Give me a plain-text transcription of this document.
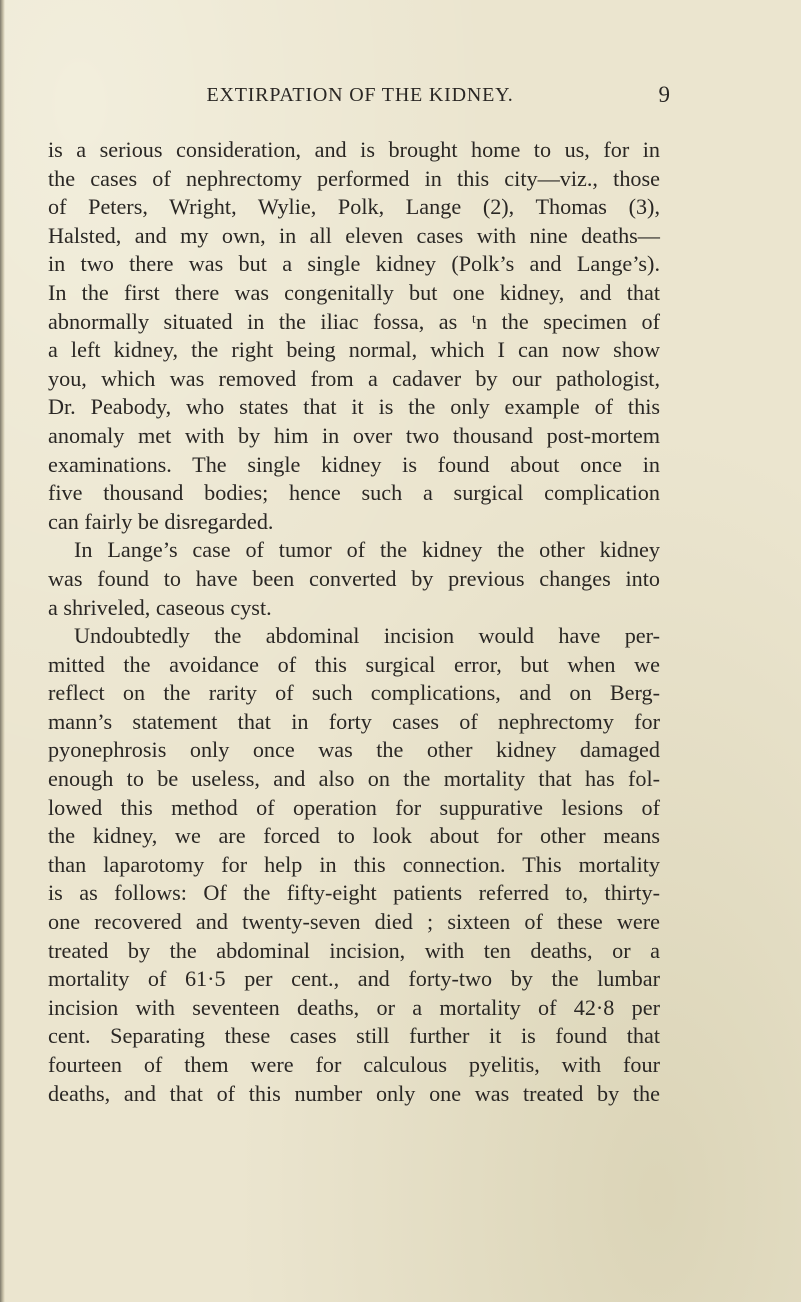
EXTIRPATION OF THE KIDNEY.	9
is a serious consideration, and is brought home to us, for in
the cases of nephrectomy performed in this city—viz., those
of Peters, Wright, Wylie, Polk, Lange (2), Thomas (3),
Halsted, and my own, in all eleven cases with nine deaths—
in two there was but a single kidney (Polk’s and Lange’s).
In the first there was congenitally but one kidney, and that
abnormally situated in the iliac fossa, as ᵗn the specimen of
a left kidney, the right being normal, which I can now show
you, which was removed from a cadaver by our pathologist,
Dr. Peabody, who states that it is the only example of this
anomaly met with by him in over two thousand post-mortem
examinations. The single kidney is found about once in
five thousand bodies; hence such a surgical complication
can fairly be disregarded.
In Lange’s case of tumor of the kidney the other kidney
was found to have been converted by previous changes into
a shriveled, caseous cyst.
Undoubtedly the abdominal incision would have per-
mitted the avoidance of this surgical error, but when we
reflect on the rarity of such complications, and on Berg-
mann’s statement that in forty cases of nephrectomy for
pyonephrosis only once was the other kidney damaged
enough to be useless, and also on the mortality that has fol-
lowed this method of operation for suppurative lesions of
the kidney, we are forced to look about for other means
than laparotomy for help in this connection. This mortality
is as follows: Of the fifty-eight patients referred to, thirty-
one recovered and twenty-seven died ; sixteen of these were
treated by the abdominal incision, with ten deaths, or a
mortality of 61·5 per cent., and forty-two by the lumbar
incision with seventeen deaths, or a mortality of 42·8 per
cent. Separating these cases still further it is found that
fourteen of them were for calculous pyelitis, with four
deaths, and that of this number only one was treated by the
